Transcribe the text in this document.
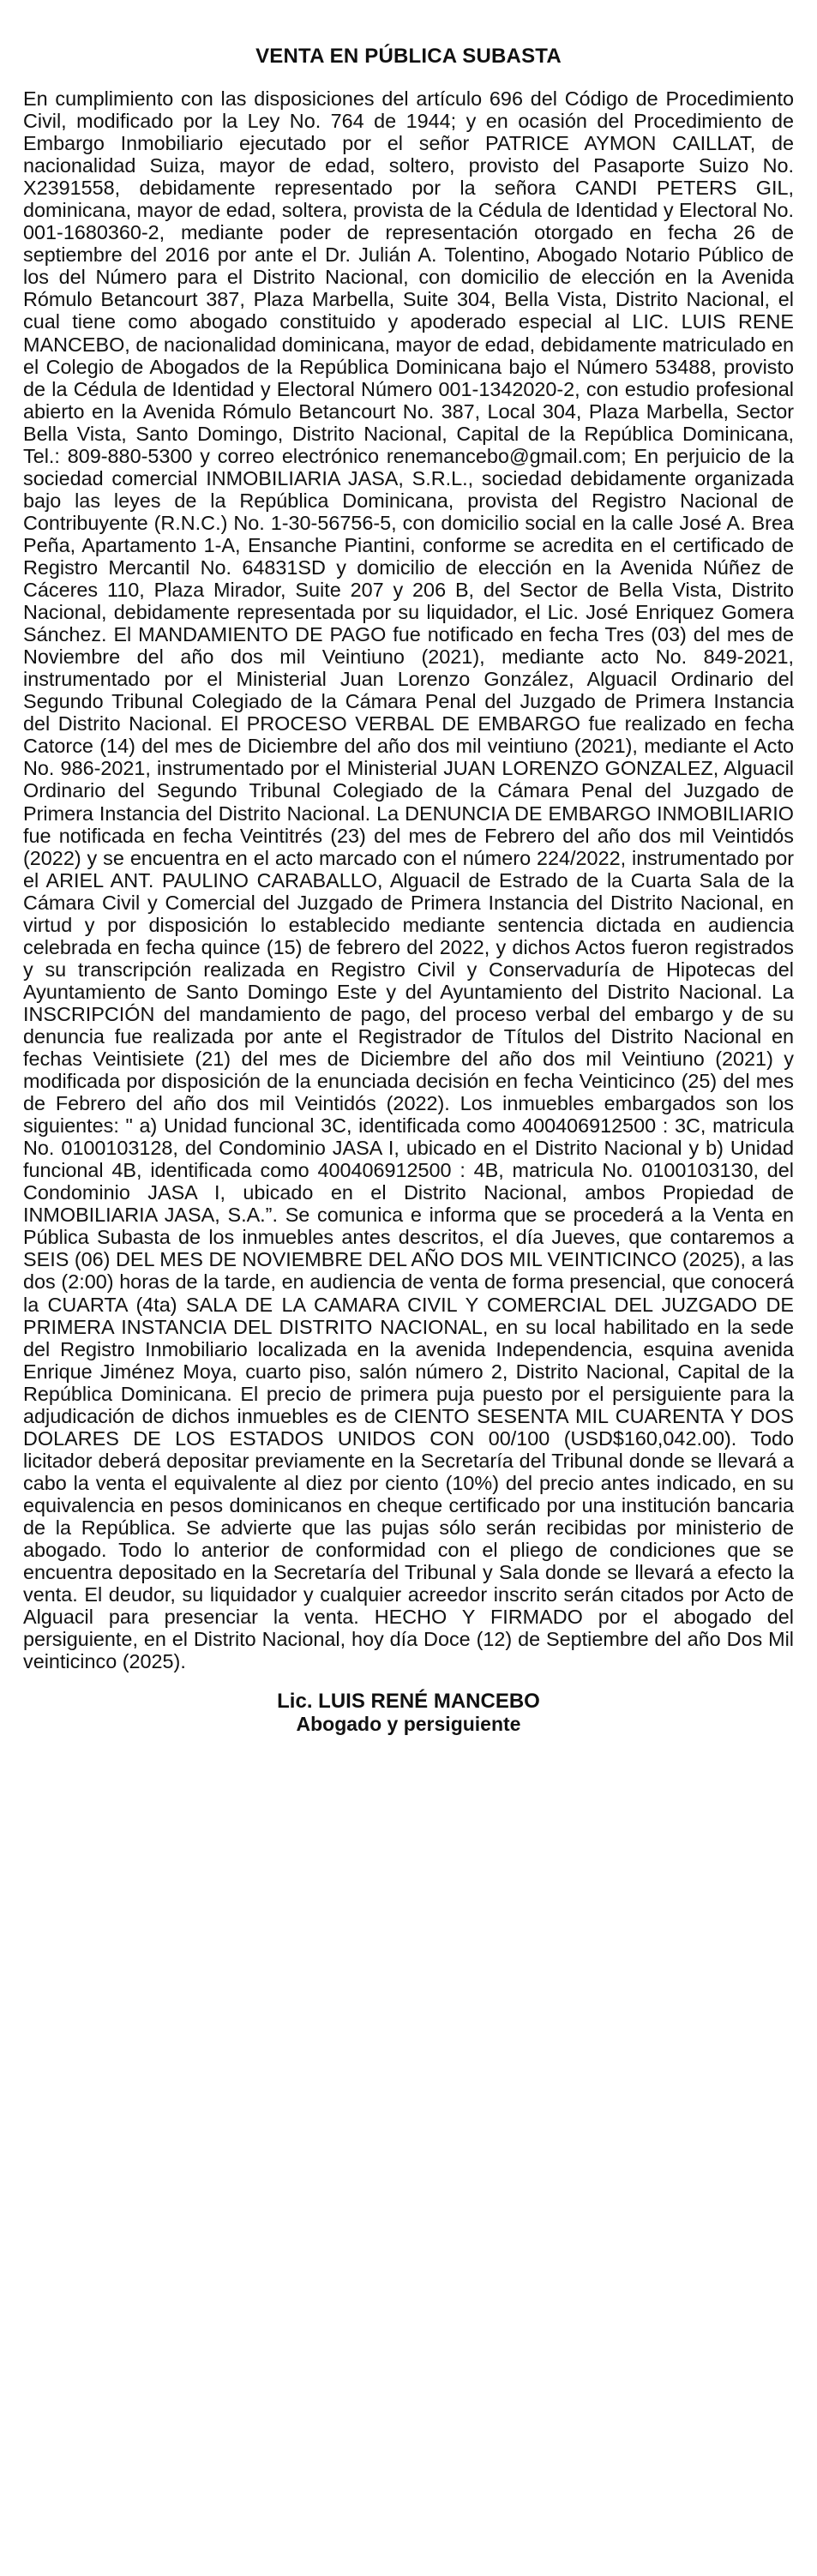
VENTA EN PÚBLICA SUBASTA

En cumplimiento con las disposiciones del artículo 696 del Código de Procedimiento Civil, modificado por la Ley No. 764 de 1944; y en ocasión del Procedimiento de Embargo Inmobiliario ejecutado por el señor PATRICE AYMON CAILLAT, de nacionalidad Suiza, mayor de edad, soltero, provisto del Pasaporte Suizo No. X2391558, debidamente representado por la señora CANDI PETERS GIL, dominicana, mayor de edad, soltera, provista de la Cédula de Identidad y Electoral No. 001-1680360-2, mediante poder de representación otorgado en fecha 26 de septiembre del 2016 por ante el Dr. Julián A. Tolentino, Abogado Notario Público de los del Número para el Distrito Nacional, con domicilio de elección en la Avenida Rómulo Betancourt 387, Plaza Marbella, Suite 304, Bella Vista, Distrito Nacional, el cual tiene como abogado constituido y apoderado especial al LIC. LUIS RENE MANCEBO, de nacionalidad dominicana, mayor de edad, debidamente matriculado en el Colegio de Abogados de la República Dominicana bajo el Número 53488, provisto de la Cédula de Identidad y Electoral Número 001-1342020-2, con estudio profesional abierto en la Avenida Rómulo Betancourt No. 387, Local 304, Plaza Marbella, Sector Bella Vista, Santo Domingo, Distrito Nacional, Capital de la República Dominicana, Tel.: 809-880-5300 y correo electrónico renemancebo@gmail.com; En perjuicio de la sociedad comercial INMOBILIARIA JASA, S.R.L., sociedad debidamente organizada bajo las leyes de la República Dominicana, provista del Registro Nacional de Contribuyente (R.N.C.) No. 1-30-56756-5, con domicilio social en la calle José A. Brea Peña, Apartamento 1-A, Ensanche Piantini, conforme se acredita en el certificado de Registro Mercantil No. 64831SD y domicilio de elección en la Avenida Núñez de Cáceres 110, Plaza Mirador, Suite 207 y 206 B, del Sector de Bella Vista, Distrito Nacional, debidamente representada por su liquidador, el Lic. José Enriquez Gomera Sánchez. El MANDAMIENTO DE PAGO fue notificado en fecha Tres (03) del mes de Noviembre del año dos mil Veintiuno (2021), mediante acto No. 849-2021, instrumentado por el Ministerial Juan Lorenzo González, Alguacil Ordinario del Segundo Tribunal Colegiado de la Cámara Penal del Juzgado de Primera Instancia del Distrito Nacional. El PROCESO VERBAL DE EMBARGO fue realizado en fecha Catorce (14) del mes de Diciembre del año dos mil veintiuno (2021), mediante el Acto No. 986-2021, instrumentado por el Ministerial JUAN LORENZO GONZALEZ, Alguacil Ordinario del Segundo Tribunal Colegiado de la Cámara Penal del Juzgado de Primera Instancia del Distrito Nacional. La DENUNCIA DE EMBARGO INMOBILIARIO fue notificada en fecha Veintitrés (23) del mes de Febrero del año dos mil Veintidós (2022) y se encuentra en el acto marcado con el número 224/2022, instrumentado por el ARIEL ANT. PAULINO CARABALLO, Alguacil de Estrado de la Cuarta Sala de la Cámara Civil y Comercial del Juzgado de Primera Instancia del Distrito Nacional, en virtud y por disposición lo establecido mediante sentencia dictada en audiencia celebrada en fecha quince (15) de febrero del 2022, y dichos Actos fueron registrados y su transcripción realizada en Registro Civil y Conservaduría de Hipotecas del Ayuntamiento de Santo Domingo Este y del Ayuntamiento del Distrito Nacional. La INSCRIPCIÓN del mandamiento de pago, del proceso verbal del embargo y de su denuncia fue realizada por ante el Registrador de Títulos del Distrito Nacional en fechas Veintisiete (21) del mes de Diciembre del año dos mil Veintiuno (2021) y modificada por disposición de la enunciada decisión en fecha Veinticinco (25) del mes de Febrero del año dos mil Veintidós (2022). Los inmuebles embargados son los siguientes: " a) Unidad funcional 3C, identificada como 400406912500 : 3C, matricula No. 0100103128, del Condominio JASA I, ubicado en el Distrito Nacional y b) Unidad funcional 4B, identificada como 400406912500 : 4B, matricula No. 0100103130, del Condominio JASA I, ubicado en el Distrito Nacional, ambos Propiedad de INMOBILIARIA JASA, S.A.”. Se comunica e informa que se procederá a la Venta en Pública Subasta de los inmuebles antes descritos, el día Jueves, que contaremos a SEIS (06) DEL MES DE NOVIEMBRE DEL AÑO DOS MIL VEINTICINCO (2025), a las dos (2:00) horas de la tarde, en audiencia de venta de forma presencial, que conocerá la CUARTA (4ta) SALA DE LA CAMARA CIVIL Y COMERCIAL DEL JUZGADO DE PRIMERA INSTANCIA DEL DISTRITO NACIONAL, en su local habilitado en la sede del Registro Inmobiliario localizada en la avenida Independencia, esquina avenida Enrique Jiménez Moya, cuarto piso, salón número 2, Distrito Nacional, Capital de la República Dominicana. El precio de primera puja puesto por el persiguiente para la adjudicación de dichos inmuebles es de CIENTO SESENTA MIL CUARENTA Y DOS DOLARES DE LOS ESTADOS UNIDOS CON 00/100 (USD$160,042.00). Todo licitador deberá depositar previamente en la Secretaría del Tribunal donde se llevará a cabo la venta el equivalente al diez por ciento (10%) del precio antes indicado, en su equivalencia en pesos dominicanos en cheque certificado por una institución bancaria de la República. Se advierte que las pujas sólo serán recibidas por ministerio de abogado. Todo lo anterior de conformidad con el pliego de condiciones que se encuentra depositado en la Secretaría del Tribunal y Sala donde se llevará a efecto la venta. El deudor, su liquidador y cualquier acreedor inscrito serán citados por Acto de Alguacil para presenciar la venta. HECHO Y FIRMADO por el abogado del persiguiente, en el Distrito Nacional, hoy día Doce (12) de Septiembre del año Dos Mil veinticinco (2025).

Lic. LUIS RENÉ MANCEBO
Abogado y persiguiente
